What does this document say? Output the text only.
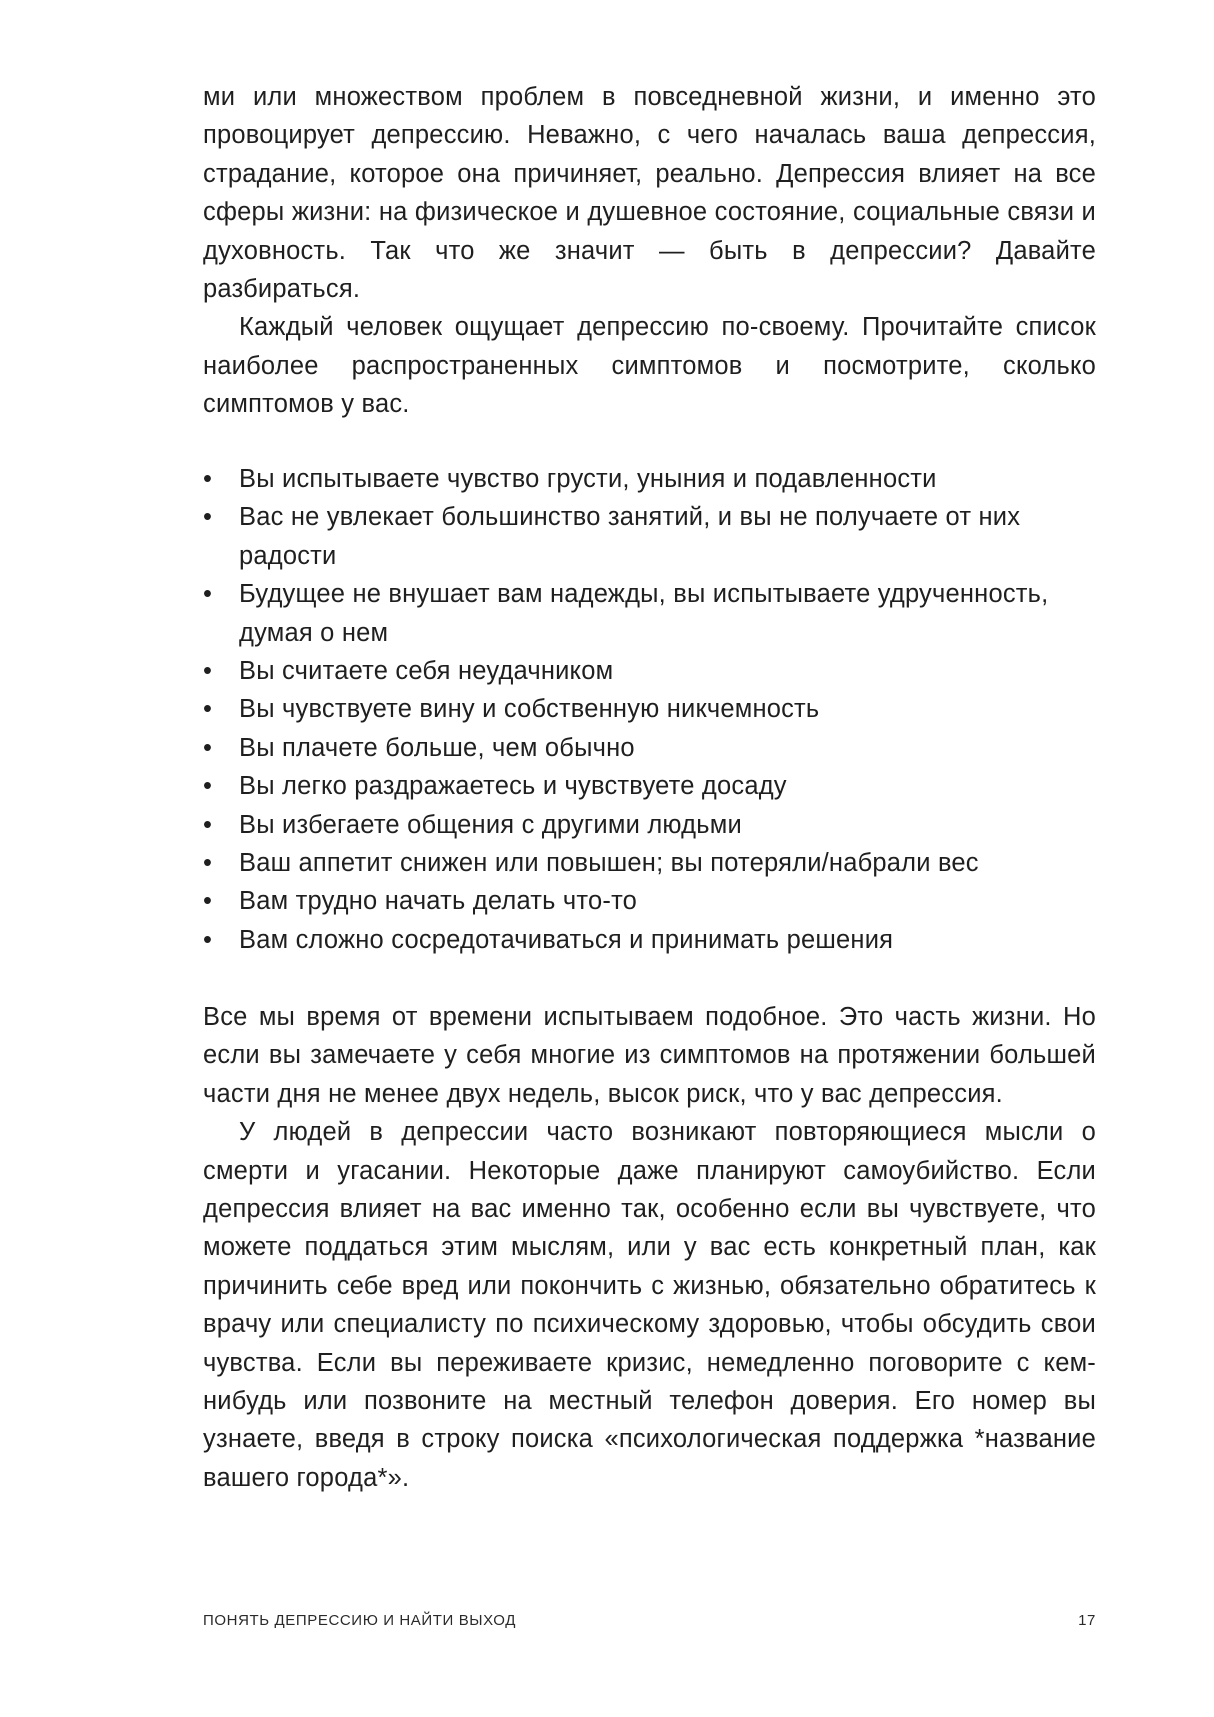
ми или множеством проблем в повседневной жизни, и именно это провоцирует депрессию. Неважно, с чего началась ваша депрессия, страдание, которое она причиняет, реально. Депрессия влияет на все сферы жизни: на физическое и душевное состояние, социальные связи и духовность. Так что же значит — быть в депрессии? Давайте разбираться.

Каждый человек ощущает депрессию по-своему. Прочитайте список наиболее распространенных симптомов и посмотрите, сколько симптомов у вас.

•	Вы испытываете чувство грусти, уныния и подавленности
•	Вас не увлекает большинство занятий, и вы не получаете от них радости
•	Будущее не внушает вам надежды, вы испытываете удрученность, думая о нем
•	Вы считаете себя неудачником
•	Вы чувствуете вину и собственную никчемность
•	Вы плачете больше, чем обычно
•	Вы легко раздражаетесь и чувствуете досаду
•	Вы избегаете общения с другими людьми
•	Ваш аппетит снижен или повышен; вы потеряли/набрали вес
•	Вам трудно начать делать что-то
•	Вам сложно сосредотачиваться и принимать решения

Все мы время от времени испытываем подобное. Это часть жизни. Но если вы замечаете у себя многие из симптомов на протяжении большей части дня не менее двух недель, высок риск, что у вас депрессия.

У людей в депрессии часто возникают повторяющиеся мысли о смерти и угасании. Некоторые даже планируют самоубийство. Если депрессия влияет на вас именно так, особенно если вы чувствуете, что можете поддаться этим мыслям, или у вас есть конкретный план, как причинить себе вред или покончить с жизнью, обязательно обратитесь к врачу или специалисту по психическому здоровью, чтобы обсудить свои чувства. Если вы переживаете кризис, немедленно поговорите с кем-нибудь или позвоните на местный телефон доверия. Его номер вы узнаете, введя в строку поиска «психологическая поддержка *название вашего города*».

ПОНЯТЬ ДЕПРЕССИЮ И НАЙТИ ВЫХОД	17
